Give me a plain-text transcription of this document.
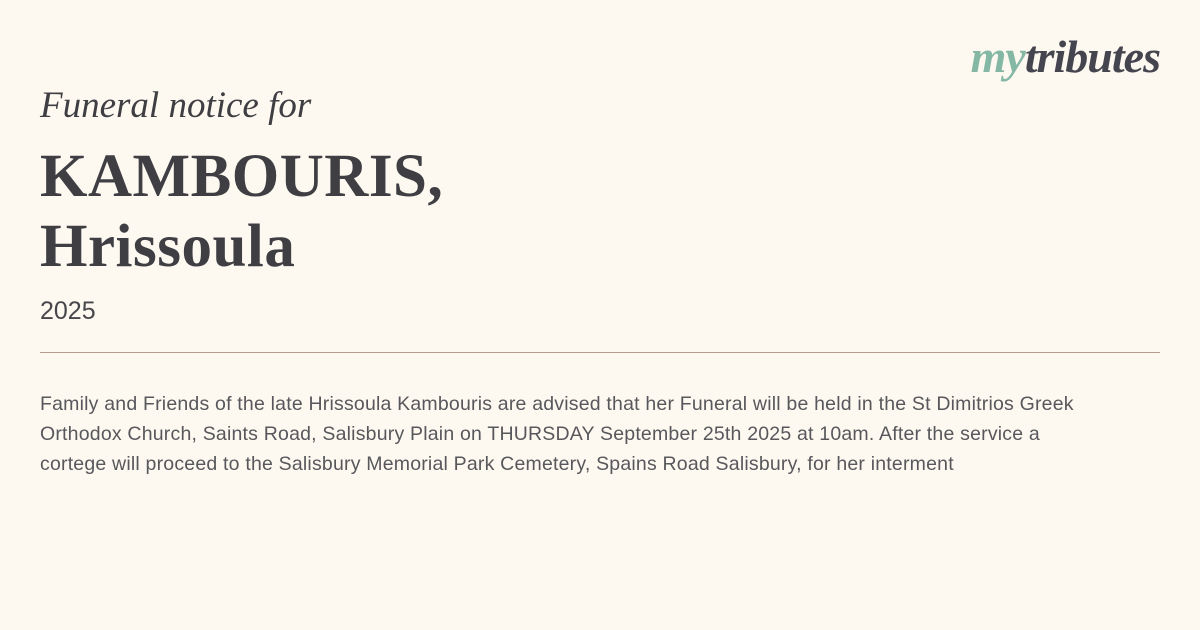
mytributes

Funeral notice for

KAMBOURIS, Hrissoula

2025

Family and Friends of the late Hrissoula Kambouris are advised that her Funeral will be held in the St Dimitrios Greek Orthodox Church, Saints Road, Salisbury Plain on THURSDAY September 25th 2025 at 10am. After the service a cortege will proceed to the Salisbury Memorial Park Cemetery, Spains Road Salisbury, for her interment
